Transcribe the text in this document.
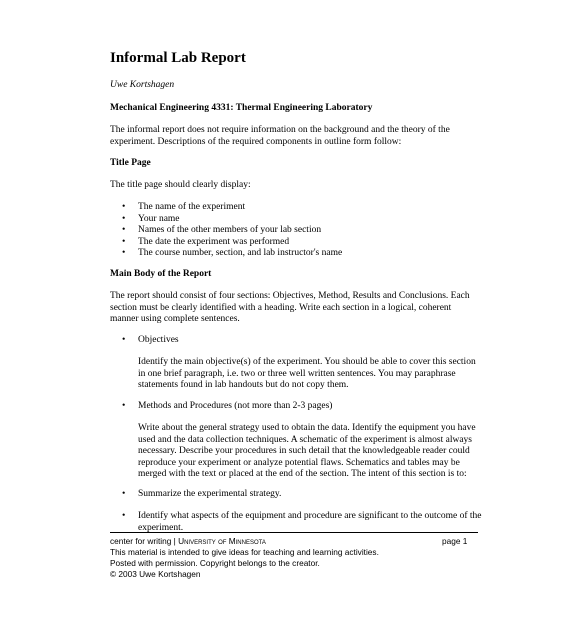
Informal Lab Report
Uwe Kortshagen
Mechanical Engineering 4331: Thermal Engineering Laboratory
The informal report does not require information on the background and the theory of the experiment. Descriptions of the required components in outline form follow:
Title Page
The title page should clearly display:
• The name of the experiment
• Your name
• Names of the other members of your lab section
• The date the experiment was performed
• The course number, section, and lab instructor's name
Main Body of the Report
The report should consist of four sections: Objectives, Method, Results and Conclusions. Each section must be clearly identified with a heading. Write each section in a logical, coherent manner using complete sentences.
• Objectives
Identify the main objective(s) of the experiment. You should be able to cover this section in one brief paragraph, i.e. two or three well written sentences. You may paraphrase statements found in lab handouts but do not copy them.
• Methods and Procedures (not more than 2-3 pages)
Write about the general strategy used to obtain the data. Identify the equipment you have used and the data collection techniques. A schematic of the experiment is almost always necessary. Describe your procedures in such detail that the knowledgeable reader could reproduce your experiment or analyze potential flaws. Schematics and tables may be merged with the text or placed at the end of the section. The intent of this section is to:
• Summarize the experimental strategy.
• Identify what aspects of the equipment and procedure are significant to the outcome of the experiment.
center for writing | University of Minnesota	page 1
This material is intended to give ideas for teaching and learning activities.
Posted with permission. Copyright belongs to the creator.
© 2003 Uwe Kortshagen
